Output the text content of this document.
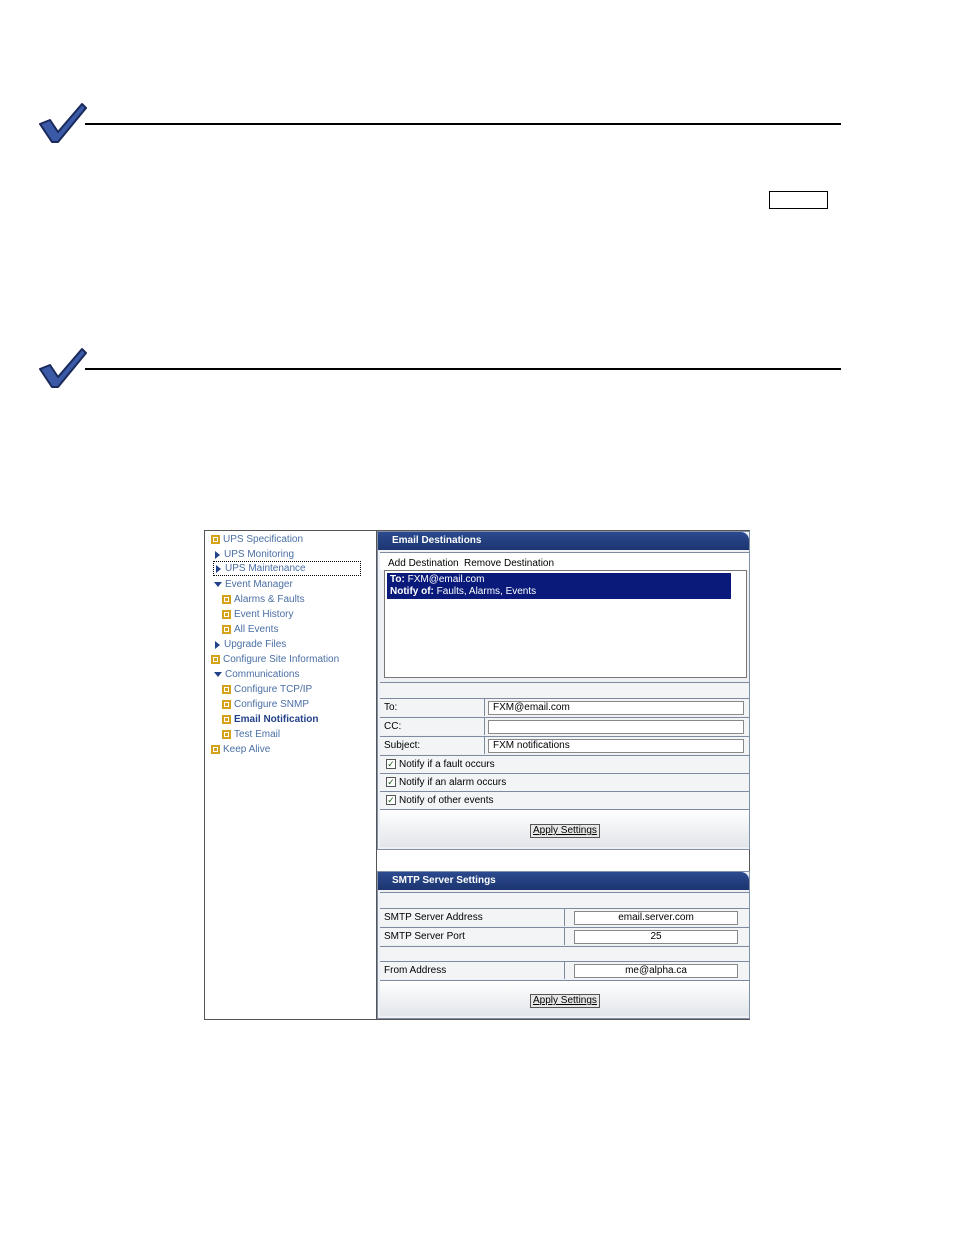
UPS Specification
UPS Monitoring
UPS Maintenance
Event Manager
Alarms & Faults
Event History
All Events
Upgrade Files
Configure Site Information
Communications
Configure TCP/IP
Configure SNMP
Email Notification
Test Email
Keep Alive
Email Destinations
Add Destination Remove Destination
To: FXM@email.com
Notify of: Faults, Alarms, Events
To:	FXM@email.com
CC:
Subject:	FXM notifications
✓ Notify if a fault occurs
✓ Notify if an alarm occurs
✓ Notify of other events
Apply Settings
SMTP Server Settings
SMTP Server Address	email.server.com
SMTP Server Port	25
From Address	me@alpha.ca
Apply Settings
